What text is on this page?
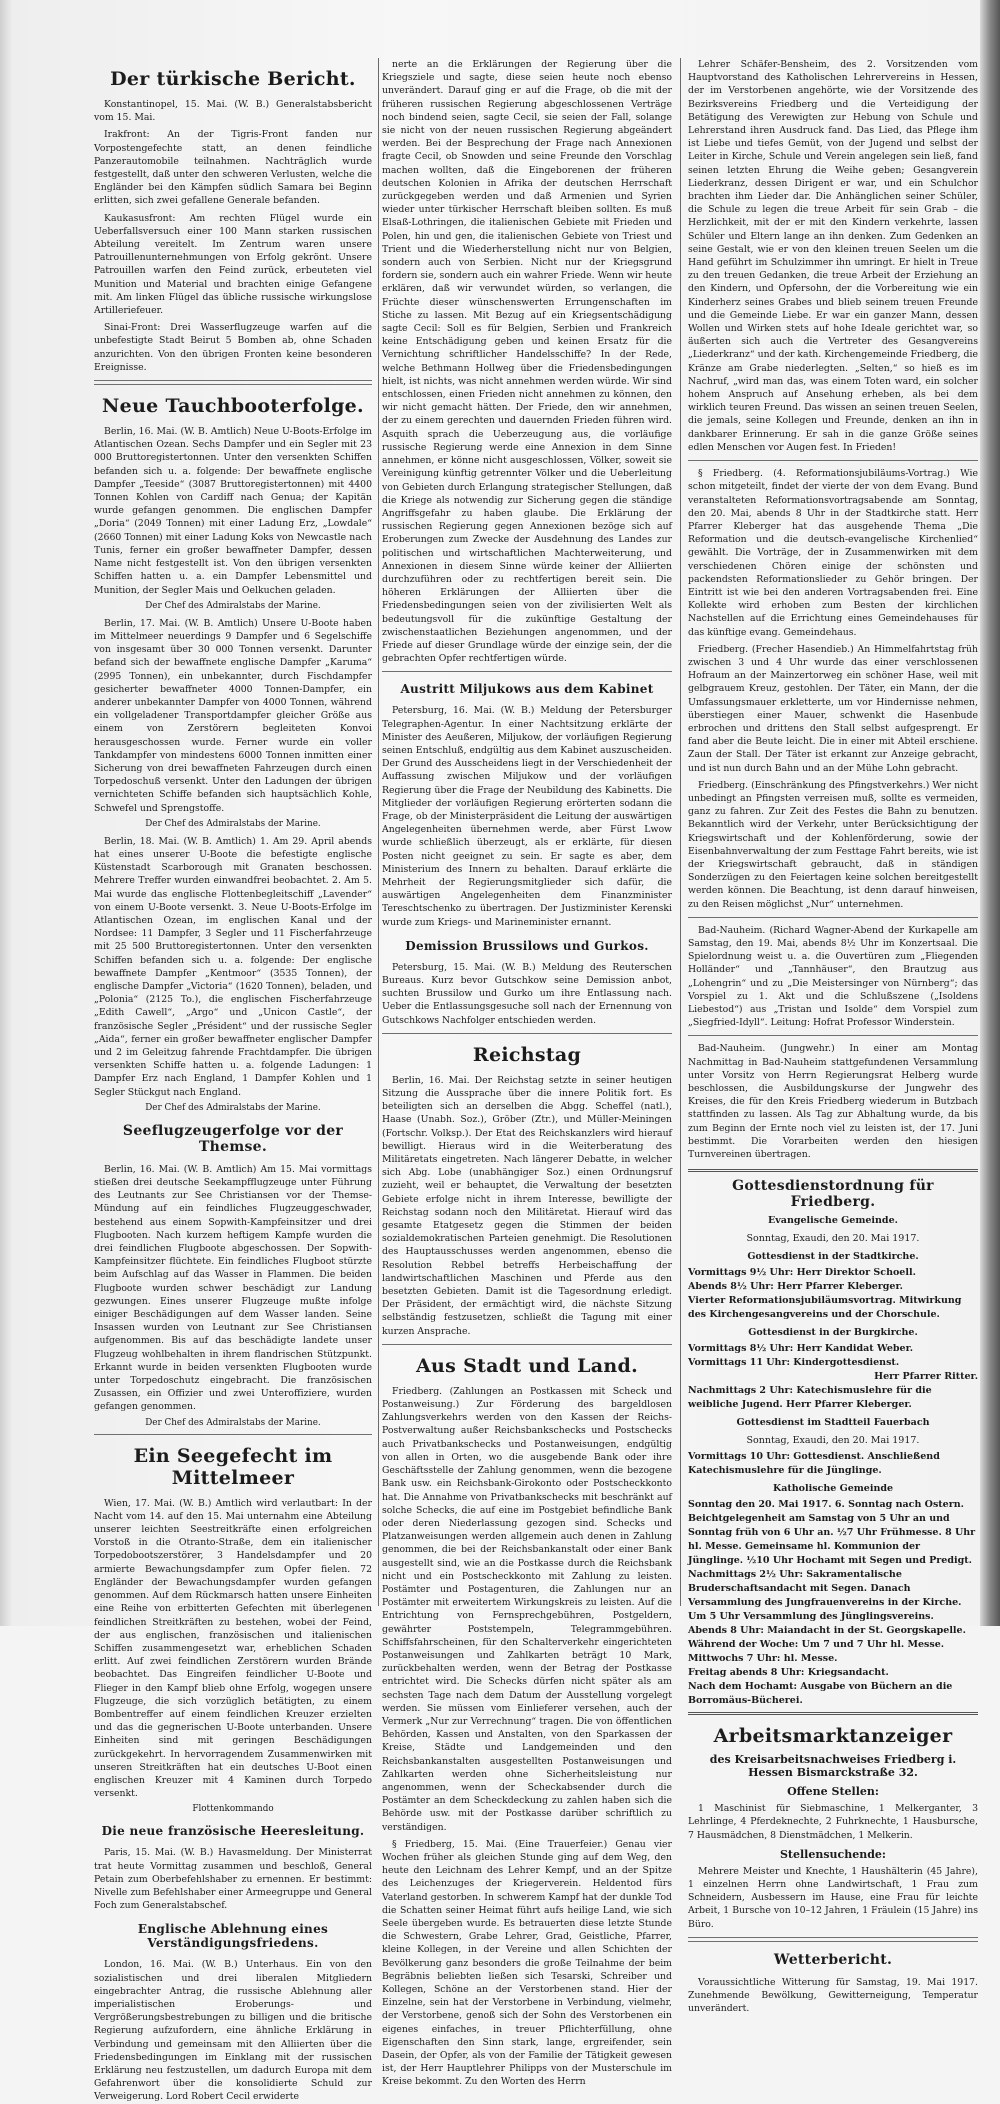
Der türkische Bericht.

Konstantinopel, 15. Mai. (W. B.) Generalstabsbericht vom 15. Mai.

Irakfront: An der Tigris-Front fanden nur Vorpostengefechte statt, an denen feindliche Panzerautomobile teilnahmen. Nachträglich wurde festgestellt, daß unter den schweren Verlusten, welche die Engländer bei den Kämpfen südlich Samara bei Beginn erlitten, sich zwei gefallene Generale befanden.

Kaukasusfront: Am rechten Flügel wurde ein Ueberfallsversuch einer 100 Mann starken russischen Abteilung vereitelt. Im Zentrum waren unsere Patrouillenunternehmungen von Erfolg gekrönt. Unsere Patrouillen warfen den Feind zurück, erbeuteten viel Munition und Material und brachten einige Gefangene mit. Am linken Flügel das übliche russische wirkungslose Artilleriefeuer.

Sinai-Front: Drei Wasserflugzeuge warfen auf die unbefestigte Stadt Beirut 5 Bomben ab, ohne Schaden anzurichten. Von den übrigen Fronten keine besonderen Ereignisse.

Neue Tauchbooterfolge.

Berlin, 16. Mai. (W. B. Amtlich) Neue U-Boots-Erfolge im Atlantischen Ozean. Sechs Dampfer und ein Segler mit 23 000 Bruttoregistertonnen. Unter den versenkten Schiffen befanden sich u. a. folgende: Der bewaffnete englische Dampfer „Teeside“ (3087 Bruttoregistertonnen) mit 4400 Tonnen Kohlen von Cardiff nach Genua; der Kapitän wurde gefangen genommen. Die englischen Dampfer „Doria“ (2049 Tonnen) mit einer Ladung Erz, „Lowdale“ (2660 Tonnen) mit einer Ladung Koks von Newcastle nach Tunis, ferner ein großer bewaffneter Dampfer, dessen Name nicht festgestellt ist. Von den übrigen versenkten Schiffen hatten u. a. ein Dampfer Lebensmittel und Munition, der Segler Mais und Oelkuchen geladen.

Der Chef des Admiralstabs der Marine.

Berlin, 17. Mai. (W. B. Amtlich) Unsere U-Boote haben im Mittelmeer neuerdings 9 Dampfer und 6 Segelschiffe von insgesamt über 30 000 Tonnen versenkt. Darunter befand sich der bewaffnete englische Dampfer „Karuma“ (2995 Tonnen), ein unbekannter, durch Fischdampfer gesicherter bewaffneter 4000 Tonnen-Dampfer, ein anderer unbekannter Dampfer von 4000 Tonnen, während ein vollgeladener Transportdampfer gleicher Größe aus einem von Zerstörern begleiteten Konvoi herausgeschossen wurde. Ferner wurde ein voller Tankdampfer von mindestens 6000 Tonnen inmitten einer Sicherung von drei bewaffneten Fahrzeugen durch einen Torpedoschuß versenkt. Unter den Ladungen der übrigen vernichteten Schiffe befanden sich hauptsächlich Kohle, Schwefel und Sprengstoffe.

Der Chef des Admiralstabs der Marine.

Berlin, 18. Mai. (W. B. Amtlich) 1. Am 29. April abends hat eines unserer U-Boote die befestigte englische Küstenstadt Scarborough mit Granaten beschossen. Mehrere Treffer wurden einwandfrei beobachtet. 2. Am 5. Mai wurde das englische Flottenbegleitschiff „Lavender“ von einem U-Boote versenkt. 3. Neue U-Boots-Erfolge im Atlantischen Ozean, im englischen Kanal und der Nordsee: 11 Dampfer, 3 Segler und 11 Fischerfahrzeuge mit 25 500 Bruttoregistertonnen. Unter den versenkten Schiffen befanden sich u. a. folgende: Der englische bewaffnete Dampfer „Kentmoor“ (3535 Tonnen), der englische Dampfer „Victoria“ (1620 Tonnen), beladen, und „Polonia“ (2125 To.), die englischen Fischerfahrzeuge „Edith Cawell“, „Argo“ und „Unicon Castle“, der französische Segler „Président“ und der russische Segler „Aida“, ferner ein großer bewaffneter englischer Dampfer und 2 im Geleitzug fahrende Frachtdampfer. Die übrigen versenkten Schiffe hatten u. a. folgende Ladungen: 1 Dampfer Erz nach England, 1 Dampfer Kohlen und 1 Segler Stückgut nach England.

Der Chef des Admiralstabs der Marine.
Seeflugzeugerfolge vor der Themse.

Berlin, 16. Mai. (W. B. Amtlich) Am 15. Mai vormittags stießen drei deutsche Seekampfflugzeuge unter Führung des Leutnants zur See Christiansen vor der Themse-Mündung auf ein feindliches Flugzeuggeschwader, bestehend aus einem Sopwith-Kampfeinsitzer und drei Flugbooten. Nach kurzem heftigem Kampfe wurden die drei feindlichen Flugboote abgeschossen. Der Sopwith-Kampfeinsitzer flüchtete. Ein feindliches Flugboot stürzte beim Aufschlag auf das Wasser in Flammen. Die beiden Flugboote wurden schwer beschädigt zur Landung gezwungen. Eines unserer Flugzeuge mußte infolge einiger Beschädigungen auf dem Wasser landen. Seine Insassen wurden von Leutnant zur See Christiansen aufgenommen. Bis auf das beschädigte landete unser Flugzeug wohlbehalten in ihrem flandrischen Stützpunkt. Erkannt wurde in beiden versenkten Flugbooten wurde unter Torpedoschutz eingebracht. Die französischen Zusassen, ein Offizier und zwei Unteroffiziere, wurden gefangen genommen.

Der Chef des Admiralstabs der Marine.
Ein Seegefecht im Mittelmeer

Wien, 17. Mai. (W. B.) Amtlich wird verlautbart: In der Nacht vom 14. auf den 15. Mai unternahm eine Abteilung unserer leichten Seestreitkräfte einen erfolgreichen Vorstoß in die Otranto-Straße, dem ein italienischer Torpedobootszerstörer, 3 Handelsdampfer und 20 armierte Bewachungsdampfer zum Opfer fielen. 72 Engländer der Bewachungsdampfer wurden gefangen genommen. Auf dem Rückmarsch hatten unsere Einheiten eine Reihe von erbitterten Gefechten mit überlegenen feindlichen Streitkräften zu bestehen, wobei der Feind, der aus englischen, französischen und italienischen Schiffen zusammengesetzt war, erheblichen Schaden erlitt. Auf zwei feindlichen Zerstörern wurden Brände beobachtet. Das Eingreifen feindlicher U-Boote und Flieger in den Kampf blieb ohne Erfolg, wogegen unsere Flugzeuge, die sich vorzüglich betätigten, zu einem Bombentreffer auf einem feindlichen Kreuzer erzielten und das die gegnerischen U-Boote unterbanden. Unsere Einheiten sind mit geringen Beschädigungen zurückgekehrt. In hervorragendem Zusammenwirken mit unseren Streitkräften hat ein deutsches U-Boot einen englischen Kreuzer mit 4 Kaminen durch Torpedo versenkt.

Flottenkommando
Die neue französische Heeresleitung.

Paris, 15. Mai. (W. B.) Havasmeldung. Der Ministerrat trat heute Vormittag zusammen und beschloß, General Petain zum Oberbefehlshaber zu ernennen. Er bestimmt: Nivelle zum Befehlshaber einer Armeegruppe und General Foch zum Generalstabschef.

Englische Ablehnung eines Verständigungsfriedens.

London, 16. Mai. (W. B.) Unterhaus. Ein von den sozialistischen und drei liberalen Mitgliedern eingebrachter Antrag, die russische Ablehnung aller imperialistischen Eroberungs- und Vergrößerungsbestrebungen zu billigen und die britische Regierung aufzufordern, eine ähnliche Erklärung in Verbindung und gemeinsam mit den Alliierten über die Friedensbedingungen im Einklang mit der russischen Erklärung neu festzustellen, um dadurch Europa mit dem Gefahrenwort über die konsolidierte Schuld zur Verweigerung. Lord Robert Cecil erwiderte

nerte an die Erklärungen der Regierung über die Kriegsziele und sagte, diese seien heute noch ebenso unverändert. Darauf ging er auf die Frage, ob die mit der früheren russischen Regierung abgeschlossenen Verträge noch bindend seien, sagte Cecil, sie seien der Fall, solange sie nicht von der neuen russischen Regierung abgeändert werden. Bei der Besprechung der Frage nach Annexionen fragte Cecil, ob Snowden und seine Freunde den Vorschlag machen wollten, daß die Eingeborenen der früheren deutschen Kolonien in Afrika der deutschen Herrschaft zurückgegeben werden und daß Armenien und Syrien wieder unter türkischer Herrschaft bleiben sollten. Es muß Elsaß-Lothringen, die italienischen Gebiete mit Frieden und Polen, hin und gen, die italienischen Gebiete von Triest und Trient und die Wiederherstellung nicht nur von Belgien, sondern auch von Serbien. Nicht nur der Kriegsgrund fordern sie, sondern auch ein wahrer Friede. Wenn wir heute erklären, daß wir verwundet würden, so verlangen, die Früchte dieser wünschenswerten Errungenschaften im Stiche zu lassen. Mit Bezug auf ein Kriegsentschädigung sagte Cecil: Soll es für Belgien, Serbien und Frankreich keine Entschädigung geben und keinen Ersatz für die Vernichtung schriftlicher Handelsschiffe? In der Rede, welche Bethmann Hollweg über die Friedensbedingungen hielt, ist nichts, was nicht annehmen werden würde. Wir sind entschlossen, einen Frieden nicht annehmen zu können, den wir nicht gemacht hätten. Der Friede, den wir annehmen, der zu einem gerechten und dauernden Frieden führen wird. Asquith sprach die Ueberzeugung aus, die vorläufige russische Regierung werde eine Annexion in dem Sinne annehmen, er könne nicht ausgeschlossen, Völker, soweit sie Vereinigung künftig getrennter Völker und die Ueberleitung von Gebieten durch Erlangung strategischer Stellungen, daß die Kriege als notwendig zur Sicherung gegen die ständige Angriffsgefahr zu haben glaube. Die Erklärung der russischen Regierung gegen Annexionen bezöge sich auf Eroberungen zum Zwecke der Ausdehnung des Landes zur politischen und wirtschaftlichen Machterweiterung, und Annexionen in diesem Sinne würde keiner der Alliierten durchzuführen oder zu rechtfertigen bereit sein. Die höheren Erklärungen der Alliierten über die Friedensbedingungen seien von der zivilisierten Welt als bedeutungsvoll für die zukünftige Gestaltung der zwischenstaatlichen Beziehungen angenommen, und der Friede auf dieser Grundlage würde der einzige sein, der die gebrachten Opfer rechtfertigen würde.

Austritt Miljukows aus dem Kabinet

Petersburg, 16. Mai. (W. B.) Meldung der Petersburger Telegraphen-Agentur. In einer Nachtsitzung erklärte der Minister des Aeußeren, Miljukow, der vorläufigen Regierung seinen Entschluß, endgültig aus dem Kabinet auszuscheiden. Der Grund des Ausscheidens liegt in der Verschiedenheit der Auffassung zwischen Miljukow und der vorläufigen Regierung über die Frage der Neubildung des Kabinetts. Die Mitglieder der vorläufigen Regierung erörterten sodann die Frage, ob der Ministerpräsident die Leitung der auswärtigen Angelegenheiten übernehmen werde, aber Fürst Lwow wurde schließlich überzeugt, als er erklärte, für diesen Posten nicht geeignet zu sein. Er sagte es aber, dem Ministerium des Innern zu behalten. Darauf erklärte die Mehrheit der Regierungsmitglieder sich dafür, die auswärtigen Angelegenheiten dem Finanzminister Tereschtschenko zu übertragen. Der Justizminister Kerenski wurde zum Kriegs- und Marineminister ernannt.

Demission Brussilows und Gurkos.

Petersburg, 15. Mai. (W. B.) Meldung des Reuterschen Bureaus. Kurz bevor Gutschkow seine Demission anbot, suchten Brussilow und Gurko um ihre Entlassung nach. Ueber die Entlassungsgesuche soll nach der Ernennung von Gutschkows Nachfolger entschieden werden.

Reichstag

Berlin, 16. Mai. Der Reichstag setzte in seiner heutigen Sitzung die Aussprache über die innere Politik fort. Es beteiligten sich an derselben die Abgg. Scheffel (natl.), Haase (Unabh. Soz.), Gröber (Ztr.), und Müller-Meiningen (Fortschr. Volksp.). Der Etat des Reichskanzlers wird hierauf bewilligt. Hieraus wird in die Weiterberatung des Militäretats eingetreten. Nach längerer Debatte, in welcher sich Abg. Lobe (unabhängiger Soz.) einen Ordnungsruf zuzieht, weil er behauptet, die Verwaltung der besetzten Gebiete erfolge nicht in ihrem Interesse, bewilligte der Reichstag sodann noch den Militäretat. Hierauf wird das gesamte Etatgesetz gegen die Stimmen der beiden sozialdemokratischen Parteien genehmigt. Die Resolutionen des Hauptausschusses werden angenommen, ebenso die Resolution Rebbel betreffs Herbeischaffung der landwirtschaftlichen Maschinen und Pferde aus den besetzten Gebieten. Damit ist die Tagesordnung erledigt. Der Präsident, der ermächtigt wird, die nächste Sitzung selbständig festzusetzen, schließt die Tagung mit einer kurzen Ansprache.

Aus Stadt und Land.

Friedberg. (Zahlungen an Postkassen mit Scheck und Postanweisung.) Zur Förderung des bargeldlosen Zahlungsverkehrs werden von den Kassen der Reichs-Postverwaltung außer Reichsbankschecks und Postschecks auch Privatbankschecks und Postanweisungen, endgültig von allen in Orten, wo die ausgebende Bank oder ihre Geschäftsstelle der Zahlung genommen, wenn die bezogene Bank usw. ein Reichsbank-Girokonto oder Postscheckkonto hat. Die Annahme von Privatbankschecks mit beschränkt auf solche Schecks, die auf eine im Postgebiet befindliche Bank oder deren Niederlassung gezogen sind. Schecks und Platzanweisungen werden allgemein auch denen in Zahlung genommen, die bei der Reichsbankanstalt oder einer Bank ausgestellt sind, wie an die Postkasse durch die Reichsbank nicht und ein Postscheckkonto mit Zahlung zu leisten. Postämter und Postagenturen, die Zahlungen nur an Postämter mit erweitertem Wirkungskreis zu leisten. Auf die Entrichtung von Fernsprechgebühren, Postgeldern, gewährter Poststempeln, Telegrammgebühren. Schiffsfahrscheinen, für den Schalterverkehr eingerichteten Postanweisungen und Zahlkarten beträgt 10 Mark, zurückbehalten werden, wenn der Betrag der Postkasse entrichtet wird. Die Schecks dürfen nicht später als am sechsten Tage nach dem Datum der Ausstellung vorgelegt werden. Sie müssen vom Einlieferer versehen, auch der Vermerk „Nur zur Verrechnung“ tragen. Die von öffentlichen Behörden, Kassen und Anstalten, von den Sparkassen der Kreise, Städte und Landgemeinden und den Reichsbankanstalten ausgestellten Postanweisungen und Zahlkarten werden ohne Sicherheitsleistung nur angenommen, wenn der Scheckabsender durch die Postämter an dem Scheckdeckung zu zahlen haben sich die Behörde usw. mit der Postkasse darüber schriftlich zu verständigen.

§ Friedberg, 15. Mai. (Eine Trauerfeier.) Genau vier Wochen früher als gleichen Stunde ging auf dem Weg, den heute den Leichnam des Lehrer Kempf, und an der Spitze des Leichenzuges der Kriegerverein. Heldentod fürs Vaterland gestorben. In schwerem Kampf hat der dunkle Tod die Schatten seiner Heimat führt aufs heilige Land, wie sich Seele übergeben wurde. Es betrauerten diese letzte Stunde die Schwestern, Grabe Lehrer, Grad, Geistliche, Pfarrer, kleine Kollegen, in der Vereine und allen Schichten der Bevölkerung ganz besonders die große Teilnahme der beim Begräbnis beliebten ließen sich Tesarski, Schreiber und Kollegen, Schöne an der Verstorbenen stand. Hier der Einzelne, sein hat der Verstorbene in Verbindung, vielmehr, der Verstorbene, genoß sich der Sohn des Verstorbenen ein eigenes einfaches, in treuer Pflichterfüllung, ohne Eigenschaften den Sinn stark, lange, ergreifender, sein Dasein, der Opfer, als von der Familie der Tätigkeit gewesen ist, der Herr Hauptlehrer Philipps von der Musterschule im Kreise bekommt. Zu den Worten des Herrn

Lehrer Schäfer-Bensheim, des 2. Vorsitzenden vom Hauptvorstand des Katholischen Lehrervereins in Hessen, der im Verstorbenen angehörte, wie der Vorsitzende des Bezirksvereins Friedberg und die Verteidigung der Betätigung des Verewigten zur Hebung von Schule und Lehrerstand ihren Ausdruck fand. Das Lied, das Pflege ihm ist Liebe und tiefes Gemüt, von der Jugend und selbst der Leiter in Kirche, Schule und Verein angelegen sein ließ, fand seinen letzten Ehrung die Weihe geben; Gesangverein Liederkranz, dessen Dirigent er war, und ein Schulchor brachten ihm Lieder dar. Die Anhänglichen seiner Schüler, die Schule zu legen die treue Arbeit für sein Grab – die Herzlichkeit, mit der er mit den Kindern verkehrte, lassen Schüler und Eltern lange an ihn denken. Zum Gedenken an seine Gestalt, wie er von den kleinen treuen Seelen um die Hand geführt im Schulzimmer ihn umringt. Er hielt in Treue zu den treuen Gedanken, die treue Arbeit der Erziehung an den Kindern, und Opfersohn, der die Vorbereitung wie ein Kinderherz seines Grabes und blieb seinem treuen Freunde und die Gemeinde Liebe. Er war ein ganzer Mann, dessen Wollen und Wirken stets auf hohe Ideale gerichtet war, so äußerten sich auch die Vertreter des Gesangvereins „Liederkranz“ und der kath. Kirchengemeinde Friedberg, die Kränze am Grabe niederlegten. „Selten,“ so hieß es im Nachruf, „wird man das, was einem Toten ward, ein solcher hohem Anspruch auf Ansehung erheben, als bei dem wirklich teuren Freund. Das wissen an seinen treuen Seelen, die jemals, seine Kollegen und Freunde, denken an ihn in dankbarer Erinnerung. Er sah in die ganze Größe seines edlen Menschen vor Augen fest. In Frieden!

§ Friedberg. (4. Reformationsjubiläums-Vortrag.) Wie schon mitgeteilt, findet der vierte der von dem Evang. Bund veranstalteten Reformationsvortragsabende am Sonntag, den 20. Mai, abends 8 Uhr in der Stadtkirche statt. Herr Pfarrer Kleberger hat das ausgehende Thema „Die Reformation und die deutsch-evangelische Kirchenlied“ gewählt. Die Vorträge, der in Zusammenwirken mit dem verschiedenen Chören einige der schönsten und packendsten Reformationslieder zu Gehör bringen. Der Eintritt ist wie bei den anderen Vortragsabenden frei. Eine Kollekte wird erhoben zum Besten der kirchlichen Nachstellen auf die Errichtung eines Gemeindehauses für das künftige evang. Gemeindehaus.

Friedberg. (Frecher Hasendieb.) An Himmelfahrtstag früh zwischen 3 und 4 Uhr wurde das einer verschlossenen Hofraum an der Mainzertorweg ein schöner Hase, weil mit gelbgrauem Kreuz, gestohlen. Der Täter, ein Mann, der die Umfassungsmauer erkletterte, um vor Hindernisse nehmen, überstiegen einer Mauer, schwenkt die Hasenbude erbrochen und drittens den Stall selbst aufgesprengt. Er fand aber die Beute leicht. Die in einer mit Abteil erschiene. Zaun der Stall. Der Täter ist erkannt zur Anzeige gebracht, und ist nun durch Bahn und an der Mühe Lohn gebracht.

Friedberg. (Einschränkung des Pfingstverkehrs.) Wer nicht unbedingt an Pfingsten verreisen muß, sollte es vermeiden, ganz zu fahren. Zur Zeit des Festes die Bahn zu benutzen. Bekanntlich wird der Verkehr, unter Berücksichtigung der Kriegswirtschaft und der Kohlenförderung, sowie der Eisenbahnverwaltung der zum Festtage Fahrt bereits, wie ist der Kriegswirtschaft gebraucht, daß in ständigen Sonderzügen zu den Feiertagen keine solchen bereitgestellt werden können. Die Beachtung, ist denn darauf hinweisen, zu den Reisen möglichst „Nur“ unternehmen.

Bad-Nauheim. (Richard Wagner-Abend der Kurkapelle am Samstag, den 19. Mai, abends 8½ Uhr im Konzertsaal. Die Spielordnung weist u. a. die Ouvertüren zum „Fliegenden Holländer“ und „Tannhäuser“, den Brautzug aus „Lohengrin“ und zu „Die Meistersinger von Nürnberg“; das Vorspiel zu 1. Akt und die Schlußszene („Isoldens Liebestod“) aus „Tristan und Isolde“ dem Vorspiel zum „Siegfried-Idyll“. Leitung: Hofrat Professor Winderstein.

Bad-Nauheim. (Jungwehr.) In einer am Montag Nachmittag in Bad-Nauheim stattgefundenen Versammlung unter Vorsitz von Herrn Regierungsrat Helberg wurde beschlossen, die Ausbildungskurse der Jungwehr des Kreises, die für den Kreis Friedberg wiederum in Butzbach stattfinden zu lassen. Als Tag zur Abhaltung wurde, da bis zum Beginn der Ernte noch viel zu leisten ist, der 17. Juni bestimmt. Die Vorarbeiten werden den hiesigen Turnvereinen übertragen.

Gottesdienstordnung für Friedberg.
Evangelische Gemeinde.
Sonntag, Exaudi, den 20. Mai 1917.
Gottesdienst in der Stadtkirche.

Vormittags 9½ Uhr: Herr Direktor Schoell.

Abends 8½ Uhr: Herr Pfarrer Kleberger.

Vierter Reformationsjubiläumsvortrag. Mitwirkung des Kirchengesangvereins und der Chorschule.

Gottesdienst in der Burgkirche.

Vormittags 8½ Uhr: Herr Kandidat Weber.

Vormittags 11 Uhr: Kindergottesdienst.

Herr Pfarrer Ritter.

Nachmittags 2 Uhr: Katechismuslehre für die weibliche Jugend. Herr Pfarrer Kleberger.

Gottesdienst im Stadtteil Fauerbach
Sonntag, Exaudi, den 20. Mai 1917.

Vormittags 10 Uhr: Gottesdienst. Anschließend Katechismuslehre für die Jünglinge.

Katholische Gemeinde

Sonntag den 20. Mai 1917. 6. Sonntag nach Ostern.

Beichtgelegenheit am Samstag von 5 Uhr an und Sonntag früh von 6 Uhr an. ½7 Uhr Frühmesse. 8 Uhr hl. Messe. Gemeinsame hl. Kommunion der Jünglinge. ½10 Uhr Hochamt mit Segen und Predigt.

Nachmittags 2½ Uhr: Sakramentalische Bruderschaftsandacht mit Segen. Danach Versammlung des Jungfrauenvereins in der Kirche. Um 5 Uhr Versammlung des Jünglingsvereins.

Abends 8 Uhr: Maiandacht in der St. Georgskapelle.

Während der Woche: Um 7 und 7 Uhr hl. Messe.

Mittwochs 7 Uhr: hl. Messe.

Freitag abends 8 Uhr: Kriegsandacht.

Nach dem Hochamt: Ausgabe von Büchern an die Borromäus-Bücherei.

Arbeitsmarktanzeiger
des Kreisarbeitsnachweises Friedberg i. Hessen Bismarckstraße 32.
Offene Stellen:

1 Maschinist für Siebmaschine, 1 Melkerganter, 3 Lehrlinge, 4 Pferdeknechte, 2 Fuhrknechte, 1 Hausbursche, 7 Hausmädchen, 8 Dienstmädchen, 1 Melkerin.

Stellensuchende:

Mehrere Meister und Knechte, 1 Haushälterin (45 Jahre), 1 einzelnen Herrn ohne Landwirtschaft, 1 Frau zum Schneidern, Ausbessern im Hause, eine Frau für leichte Arbeit, 1 Bursche von 10–12 Jahren, 1 Fräulein (15 Jahre) ins Büro.

Wetterbericht.

Voraussichtliche Witterung für Samstag, 19. Mai 1917. Zunehmende Bewölkung, Gewitterneigung, Temperatur unverändert.
